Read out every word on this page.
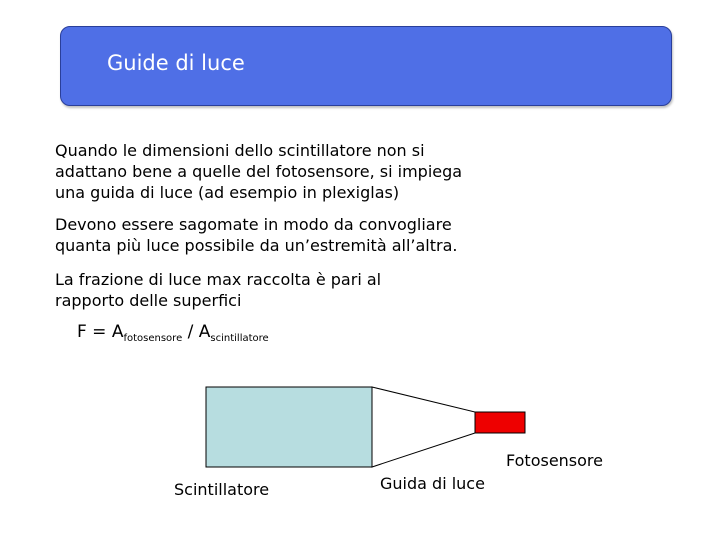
Guide di luce
Quando le dimensioni dello scintillatore non si
adattano bene a quelle del fotosensore, si impiega
una guida di luce (ad esempio in plexiglas)
Devono essere sagomate in modo da convogliare
quanta più luce possibile da un’estremità all’altra.
La frazione di luce max raccolta è pari al
rapporto delle superfici
$F = A_{fotosensore} / A_{scintillatore}$
Scintillatore	Guida di luce
Fotosensore
